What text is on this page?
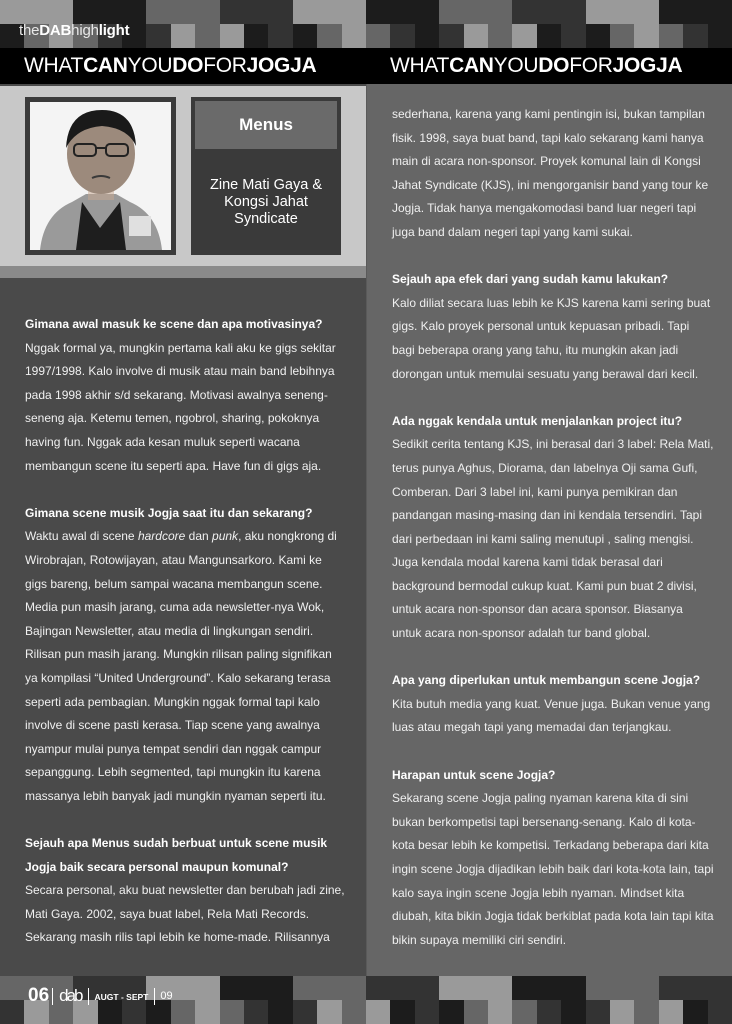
theDABhighlight
WHATCANYOUDOFORJOGJA	WHATCANYOUDOFORJOGJA
Menus
Zine Mati Gaya & Kongsi Jahat Syndicate
Gimana awal masuk ke scene dan apa motivasinya?
Nggak formal ya, mungkin pertama kali aku ke gigs sekitar 1997/1998. Kalo involve di musik atau main band lebihnya pada 1998 akhir s/d sekarang. Motivasi awalnya seneng-seneng aja. Ketemu temen, ngobrol, sharing, pokoknya having fun. Nggak ada kesan muluk seperti wacana membangun scene itu seperti apa. Have fun di gigs aja.
Gimana scene musik Jogja saat itu dan sekarang?
Waktu awal di scene hardcore dan punk, aku nongkrong di Wirobrajan, Rotowijayan, atau Mangunsarkoro. Kami ke gigs bareng, belum sampai wacana membangun scene. Media pun masih jarang, cuma ada newsletter-nya Wok, Bajingan Newsletter, atau media di lingkungan sendiri. Rilisan pun masih jarang. Mungkin rilisan paling signifikan ya kompilasi “United Underground”. Kalo sekarang terasa seperti ada pembagian. Mungkin nggak formal tapi kalo involve di scene pasti kerasa. Tiap scene yang awalnya nyampur mulai punya tempat sendiri dan nggak campur sepanggung. Lebih segmented, tapi mungkin itu karena massanya lebih banyak jadi mungkin nyaman seperti itu.
Sejauh apa Menus sudah berbuat untuk scene musik Jogja baik secara personal maupun komunal?
Secara personal, aku buat newsletter dan berubah jadi zine, Mati Gaya. 2002, saya buat label, Rela Mati Records. Sekarang masih rilis tapi lebih ke home-made. Rilisannya
sederhana, karena yang kami pentingin isi, bukan tampilan fisik. 1998, saya buat band, tapi kalo sekarang kami hanya main di acara non-sponsor. Proyek komunal lain di Kongsi Jahat Syndicate (KJS), ini mengorganisir band yang tour ke Jogja. Tidak hanya mengakomodasi band luar negeri tapi juga band dalam negeri tapi yang kami sukai.
Sejauh apa efek dari yang sudah kamu lakukan?
Kalo diliat secara luas lebih ke KJS karena kami sering buat gigs. Kalo proyek personal untuk kepuasan pribadi. Tapi bagi beberapa orang yang tahu, itu mungkin akan jadi dorongan untuk memulai sesuatu yang berawal dari kecil.
Ada nggak kendala untuk menjalankan project itu?
Sedikit cerita tentang KJS, ini berasal dari 3 label: Rela Mati, terus punya Aghus, Diorama, dan labelnya Oji sama Gufi, Comberan. Dari 3 label ini, kami punya pemikiran dan pandangan masing-masing dan ini kendala tersendiri. Tapi dari perbedaan ini kami saling menutupi , saling mengisi. Juga kendala modal karena kami tidak berasal dari background bermodal cukup kuat. Kami pun buat 2 divisi, untuk acara non-sponsor dan acara sponsor. Biasanya untuk acara non-sponsor adalah tur band global.
Apa yang diperlukan untuk membangun scene Jogja?
Kita butuh media yang kuat. Venue juga. Bukan venue yang luas atau megah tapi yang memadai dan terjangkau.
Harapan untuk scene Jogja?
Sekarang scene Jogja paling nyaman karena kita di sini bukan berkompetisi tapi bersenang-senang. Kalo di kota-kota besar lebih ke kompetisi. Terkadang beberapa dari kita ingin scene Jogja dijadikan lebih baik dari kota-kota lain, tapi kalo saya ingin scene Jogja lebih nyaman. Mindset kita diubah, kita bikin Jogja tidak berkiblat pada kota lain tapi kita bikin supaya memiliki ciri sendiri.
06 dab AUGT - SEPT 09
